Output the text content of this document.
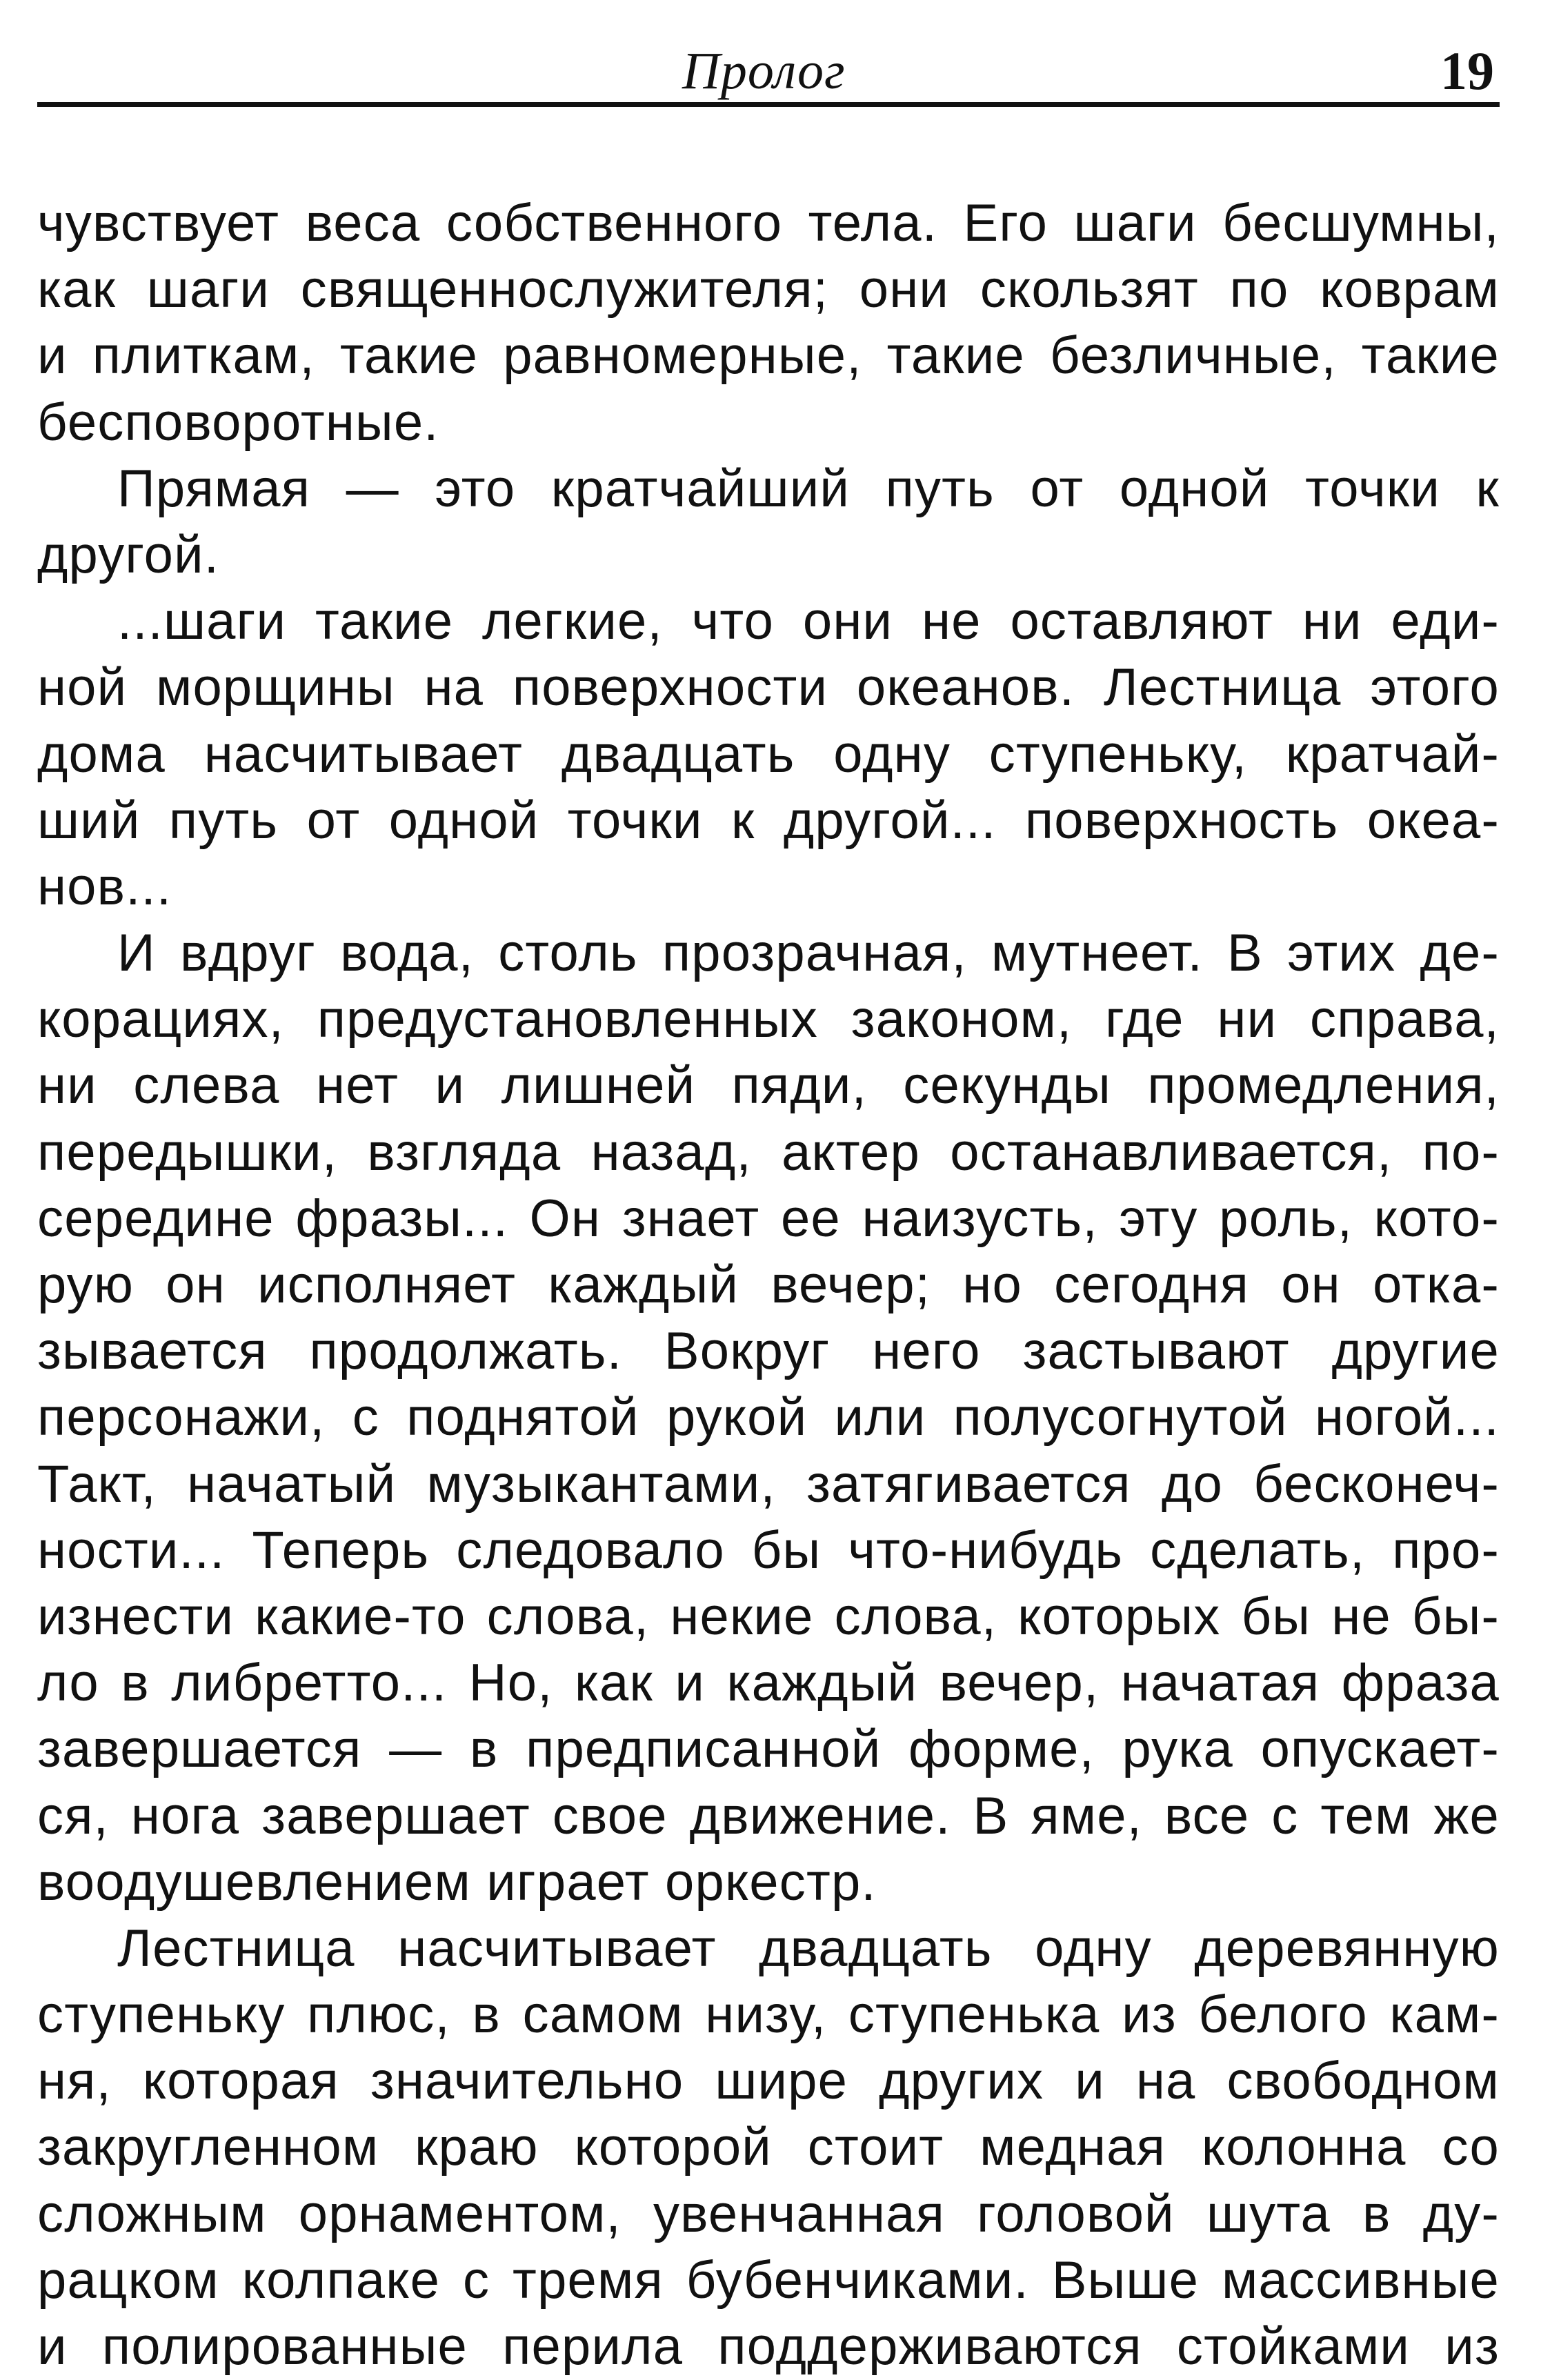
Пролог	19
чувствует веса собственного тела. Его шаги бесшумны,
как шаги священнослужителя; они скользят по коврам
и плиткам, такие равномерные, такие безличные, такие
бесповоротные.
Прямая — это кратчайший путь от одной точки к
другой.
...шаги такие легкие, что они не оставляют ни еди-
ной морщины на поверхности океанов. Лестница этого
дома насчитывает двадцать одну ступеньку, кратчай-
ший путь от одной точки к другой... поверхность океа-
нов...
И вдруг вода, столь прозрачная, мутнеет. В этих де-
корациях, предустановленных законом, где ни справа,
ни слева нет и лишней пяди, секунды промедления,
передышки, взгляда назад, актер останавливается, по-
середине фразы... Он знает ее наизусть, эту роль, кото-
рую он исполняет каждый вечер; но сегодня он отка-
зывается продолжать. Вокруг него застывают другие
персонажи, с поднятой рукой или полусогнутой ногой...
Такт, начатый музыкантами, затягивается до бесконеч-
ности... Теперь следовало бы что-нибудь сделать, про-
изнести какие-то слова, некие слова, которых бы не бы-
ло в либретто... Но, как и каждый вечер, начатая фраза
завершается — в предписанной форме, рука опускает-
ся, нога завершает свое движение. В яме, все с тем же
воодушевлением играет оркестр.
Лестница насчитывает двадцать одну деревянную
ступеньку плюс, в самом низу, ступенька из белого кам-
ня, которая значительно шире других и на свободном
закругленном краю которой стоит медная колонна со
сложным орнаментом, увенчанная головой шута в ду-
рацком колпаке с тремя бубенчиками. Выше массивные
и полированные перила поддерживаются стойками из
